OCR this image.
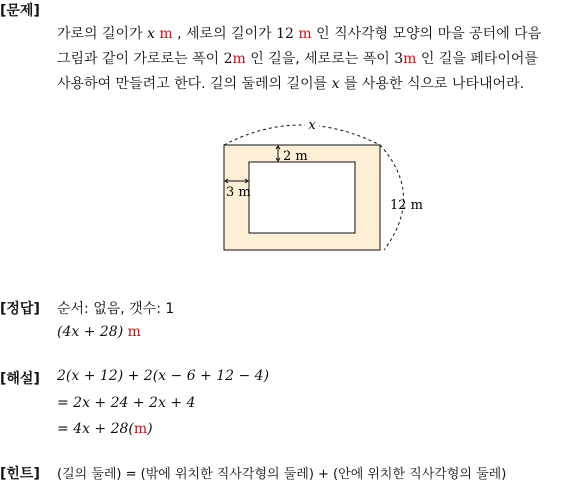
[문제]
가로의 길이가 x m , 세로의 길이가 12 m 인 직사각형 모양의 마을 공터에 다음
그림과 같이 가로로는 폭이 2m 인 길을, 세로로는 폭이 3m 인 길을 페타이어를
사용하여 만들려고 한다. 길의 둘레의 길이를 x 를 사용한 식으로 나타내어라.
x
2 m
3 m
12 m
[정답] 순서: 없음, 갯수: 1
(4x + 28) m
[해설] 2(x + 12) + 2(x − 6 + 12 − 4)
= 2x + 24 + 2x + 4
= 4x + 28(m)
[힌트] (길의 둘레) = (밖에 위치한 직사각형의 둘레) + (안에 위치한 직사각형의 둘레)
